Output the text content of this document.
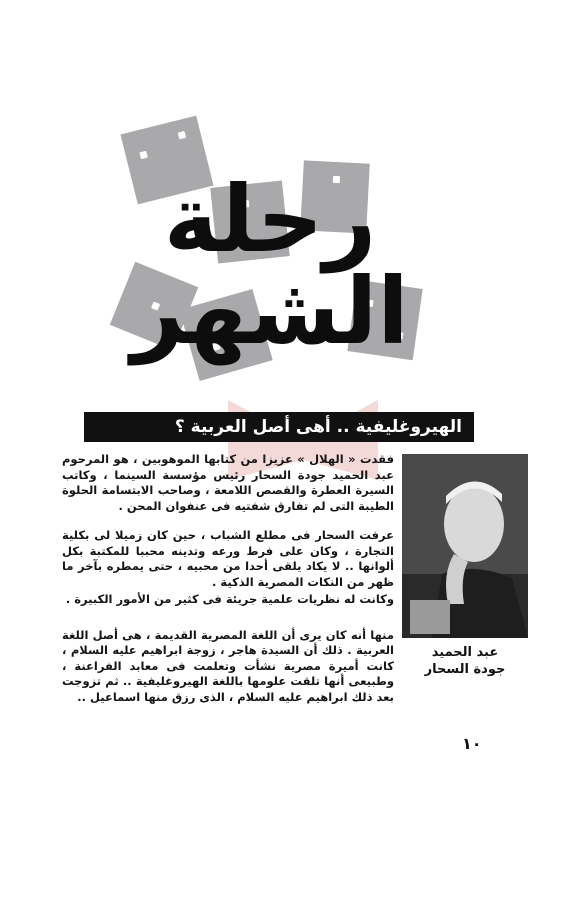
رحلة
الشهر
الهيروغليفية .. أهى أصل العربية ؟
عبد الحميد
جودة السحار

فقدت « الهلال » عزيزا من كتابها الموهوبين ، هو المرحوم عبد الحميد جودة السحار رئيس مؤسسة السينما ، وكاتب السيرة العطرة والقصص اللامعة ، وصاحب الابتسامة الحلوة الطيبة التى لم تفارق شفتيه فى عنفوان المحن .

عرفت السحار فى مطلع الشباب ، حين كان زميلا لى بكلية التجارة ، وكان على فرط ورعه وتدينه محببا للمكتبة بكل ألوانها .. لا يكاد يلقى أحدا من محبيه ، حتى يمطره بآخر ما ظهر من النكات المصرية الذكية .

وكانت له نظريات علمية جريئة فى كثير من الأمور الكبيرة .

منها أنه كان يرى أن اللغة المصرية القديمة ، هى أصل اللغة العربية . ذلك أن السيدة هاجر ، زوجة ابراهيم عليه السلام ، كانت أميرة مصرية نشأت وتعلمت فى معابد الفراعنة ، وطبيعى أنها تلقت علومها باللغة الهيروغليفية .. ثم تزوجت بعد ذلك ابراهيم عليه السلام ، الذى رزق منها اسماعيل ..

١٠
